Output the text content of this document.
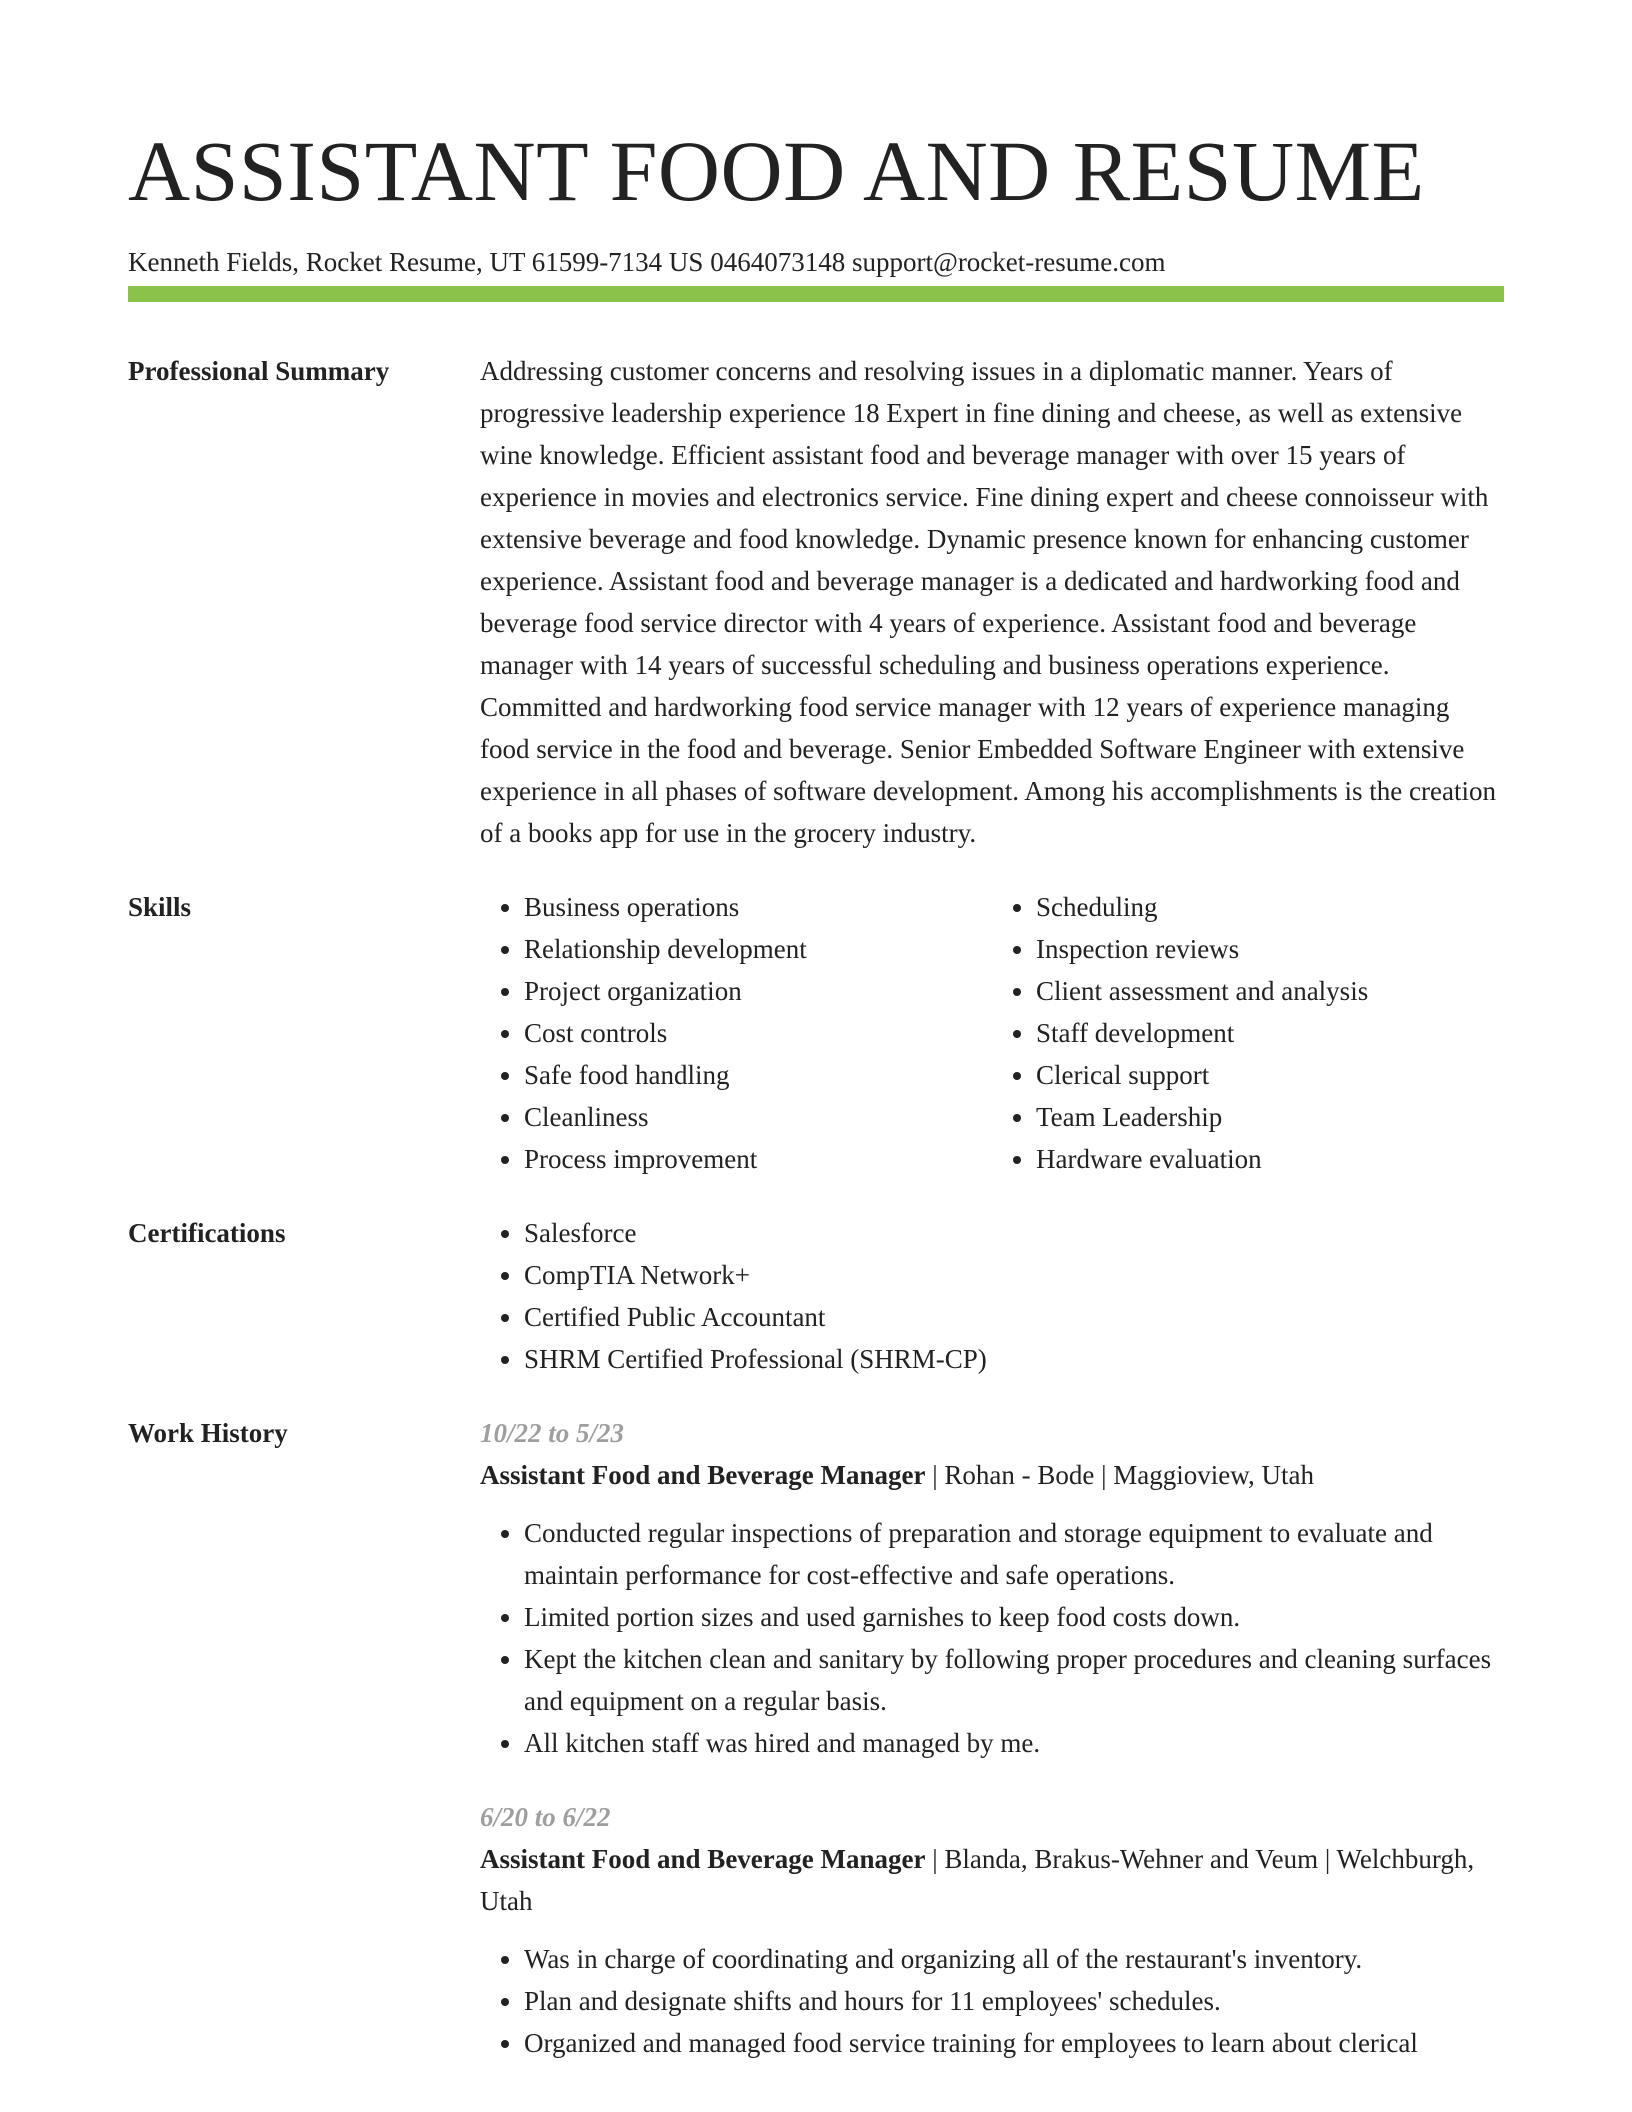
ASSISTANT FOOD AND RESUME
Kenneth Fields, Rocket Resume, UT 61599-7134 US 0464073148 support@rocket-resume.com
Professional Summary	Addressing customer concerns and resolving issues in a diplomatic manner. Years of progressive leadership experience 18 Expert in fine dining and cheese, as well as extensive wine knowledge. Efficient assistant food and beverage manager with over 15 years of experience in movies and electronics service. Fine dining expert and cheese connoisseur with extensive beverage and food knowledge. Dynamic presence known for enhancing customer experience. Assistant food and beverage manager is a dedicated and hardworking food and beverage food service director with 4 years of experience. Assistant food and beverage manager with 14 years of successful scheduling and business operations experience. Committed and hardworking food service manager with 12 years of experience managing food service in the food and beverage. Senior Embedded Software Engineer with extensive experience in all phases of software development. Among his accomplishments is the creation of a books app for use in the grocery industry.

Skills	• Business operations
• Relationship development
• Project organization
• Cost controls
• Safe food handling
• Cleanliness
• Process improvement
• Scheduling
• Inspection reviews
• Client assessment and analysis
• Staff development
• Clerical support
• Team Leadership
• Hardware evaluation
Certifications	• Salesforce
• CompTIA Network+
• Certified Public Accountant
• SHRM Certified Professional (SHRM-CP)
Work History	10/22 to 5/23
Assistant Food and Beverage Manager | Rohan - Bode | Maggioview, Utah
• Conducted regular inspections of preparation and storage equipment to evaluate and maintain performance for cost-effective and safe operations.
• Limited portion sizes and used garnishes to keep food costs down.
• Kept the kitchen clean and sanitary by following proper procedures and cleaning surfaces and equipment on a regular basis.
• All kitchen staff was hired and managed by me.
6/20 to 6/22
Assistant Food and Beverage Manager | Blanda, Brakus-Wehner and Veum | Welchburgh, Utah
• Was in charge of coordinating and organizing all of the restaurant's inventory.
• Plan and designate shifts and hours for 11 employees' schedules.
• Organized and managed food service training for employees to learn about clerical
